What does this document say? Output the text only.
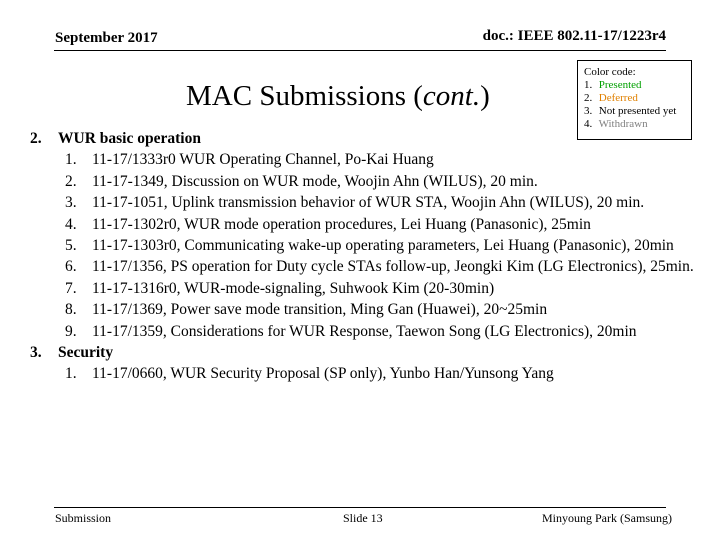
September 2017	doc.: IEEE 802.11-17/1223r4
MAC Submissions (cont.)
Color code:
1. Presented
2. Deferred
3. Not presented yet
4. Withdrawn
2.	WUR basic operation
1. 11-17/1333r0 WUR Operating Channel, Po-Kai Huang
2. 11-17-1349, Discussion on WUR mode, Woojin Ahn (WILUS), 20 min.
3. 11-17-1051, Uplink transmission behavior of WUR STA, Woojin Ahn (WILUS), 20 min.
4. 11-17-1302r0, WUR mode operation procedures, Lei Huang (Panasonic), 25min
5. 11-17-1303r0, Communicating wake-up operating parameters, Lei Huang (Panasonic), 20min
6. 11-17/1356, PS operation for Duty cycle STAs follow-up, Jeongki Kim (LG Electronics), 25min.
7. 11-17-1316r0, WUR-mode-signaling, Suhwook Kim (20-30min)
8. 11-17/1369, Power save mode transition, Ming Gan (Huawei), 20~25min
9. 11-17/1359, Considerations for WUR Response, Taewon Song (LG Electronics), 20min
3.	Security
1. 11-17/0660, WUR Security Proposal (SP only), Yunbo Han/Yunsong Yang
Submission	Slide 13	Minyoung Park (Samsung)
